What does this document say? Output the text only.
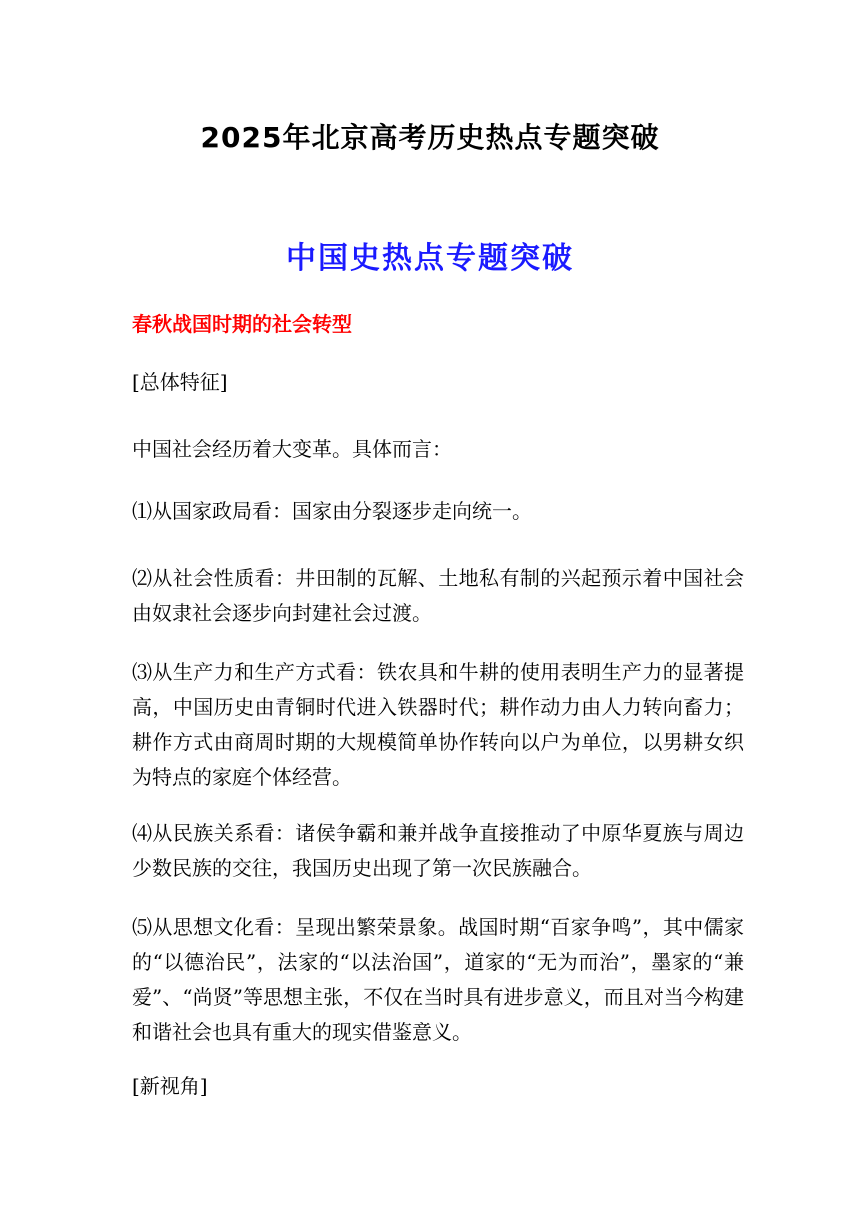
2025年北京高考历史热点专题突破
中国史热点专题突破
春秋战国时期的社会转型
[总体特征]
中国社会经历着大变革。具体而言：
⑴从国家政局看：国家由分裂逐步走向统一。
⑵从社会性质看：井田制的瓦解、土地私有制的兴起预示着中国社会由奴隶社会逐步向封建社会过渡。
⑶从生产力和生产方式看：铁农具和牛耕的使用表明生产力的显著提高，中国历史由青铜时代进入铁器时代；耕作动力由人力转向畜力；耕作方式由商周时期的大规模简单协作转向以户为单位，以男耕女织为特点的家庭个体经营。
⑷从民族关系看：诸侯争霸和兼并战争直接推动了中原华夏族与周边少数民族的交往，我国历史出现了第一次民族融合。
⑸从思想文化看：呈现出繁荣景象。战国时期“百家争鸣”，其中儒家的“以德治民”，法家的“以法治国”，道家的“无为而治”，墨家的“兼爱”、“尚贤”等思想主张，不仅在当时具有进步意义，而且对当今构建和谐社会也具有重大的现实借鉴意义。
[新视角]
